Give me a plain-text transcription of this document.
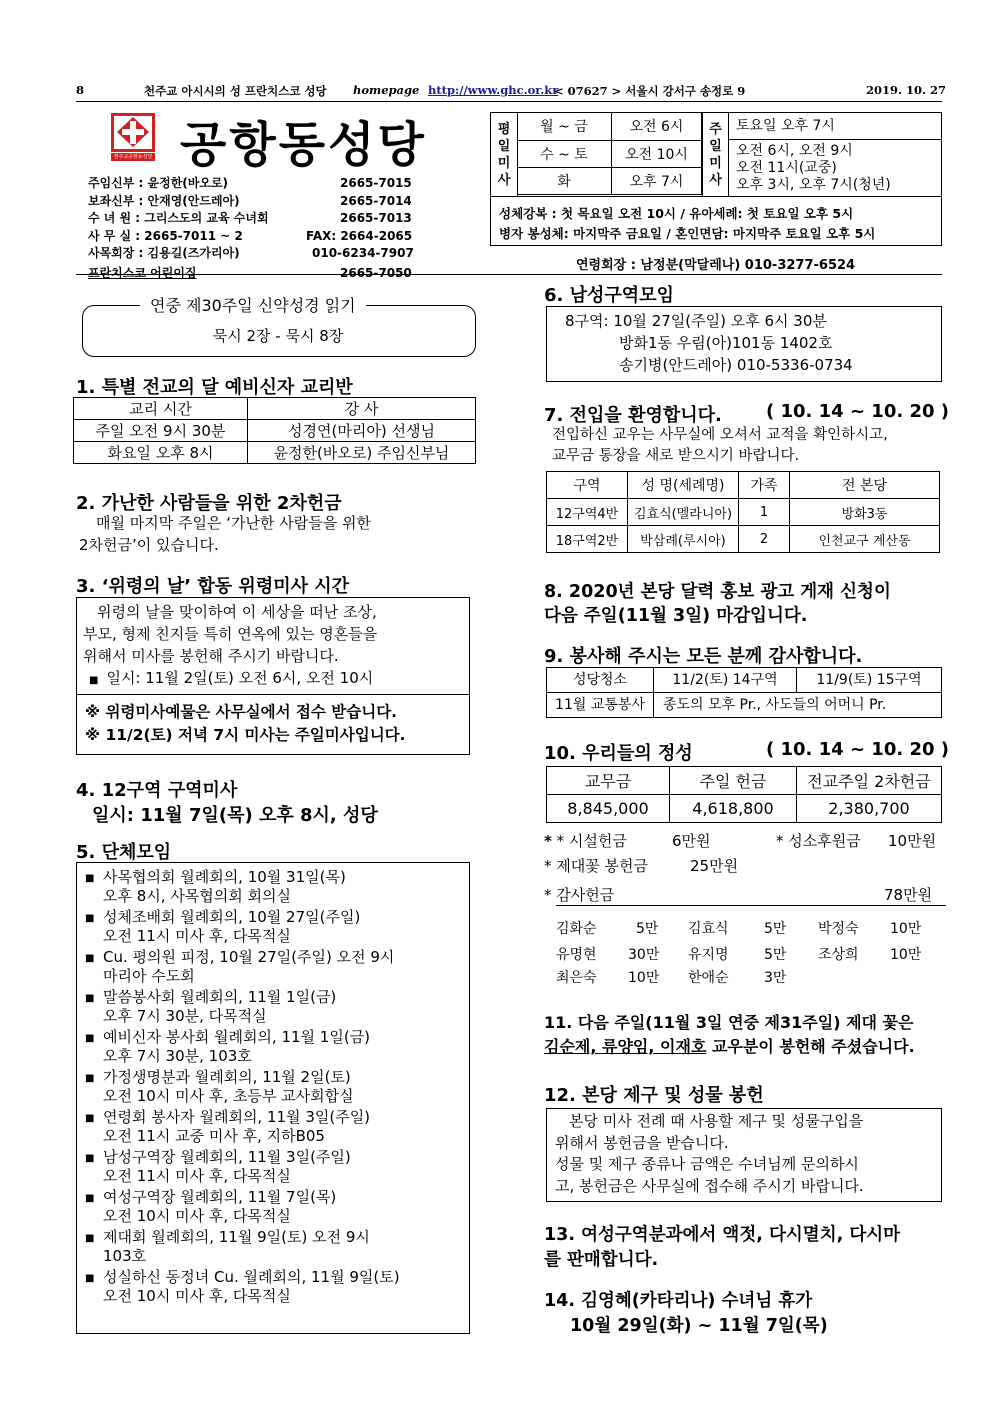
8	천주교 아시시의 성 프란치스코 성당 homepage http://www.ghc.or.kr
< 07627 > 서울시 강서구 송정로 9	2019. 10. 27
천주교공항동성당 공항동성당
주임신부 : 윤정한(바오로)	2665-7015
보좌신부 : 안재영(안드레아)	2665-7014
수 녀 원 : 그리스도의 교육 수녀회	2665-7013
사 무 실 : 2665-7011 ~ 2	FAX: 2664-2065
사목회장 : 김용길(즈가리아)	010-6234-7907
프란치스코 어린이집	2665-7050
평
일
미
사
월 ~ 금	오전 6시
수 ~ 토	오전 10시
화	오후 7시
주
일
미
사
토요일 오후 7시
오전 6시, 오전 9시
오전 11시(교중)
오후 3시, 오후 7시(청년)
성체강복 : 첫 목요일 오전 10시 / 유아세례: 첫 토요일 오후 5시
병자 봉성체: 마지막주 금요일 / 혼인면담: 마지막주 토요일 오후 5시
연령회장 : 남정분(막달레나) 010-3277-6524
연중 제30주일 신약성경 읽기
묵시 2장 - 묵시 8장
1. 특별 전교의 달 예비신자 교리반
교리 시간	강 사
주일 오전 9시 30분	성경연(마리아) 선생님
화요일 오후 8시	윤정한(바오로) 주임신부님
2. 가난한 사람들을 위한 2차헌금
매월 마지막 주일은 ‘가난한 사람들을 위한
2차헌금’이 있습니다.
3. ‘위령의 날’ 합동 위령미사 시간
위령의 날을 맞이하여 이 세상을 떠난 조상,
부모, 형제 친지들 특히 연옥에 있는 영혼들을
위해서 미사를 봉헌해 주시기 바랍니다.
■ 일시: 11월 2일(토) 오전 6시, 오전 10시
※ 위령미사예물은 사무실에서 접수 받습니다.
※ 11/2(토) 저녁 7시 미사는 주일미사입니다.
4. 12구역 구역미사
일시: 11월 7일(목) 오후 8시, 성당
5. 단체모임
■ 사목협의회 월례회의, 10월 31일(목)
오후 8시, 사목협의회 회의실
■ 성체조배회 월례회의, 10월 27일(주일)
오전 11시 미사 후, 다목적실
■ Cu. 평의원 피정, 10월 27일(주일) 오전 9시
마리아 수도회
■ 말씀봉사회 월례회의, 11월 1일(금)
오후 7시 30분, 다목적실
■ 예비신자 봉사회 월례회의, 11월 1일(금)
오후 7시 30분, 103호
■ 가정생명분과 월례회의, 11월 2일(토)
오전 10시 미사 후, 초등부 교사회합실
■ 연령회 봉사자 월례회의, 11월 3일(주일)
오전 11시 교중 미사 후, 지하B05
■ 남성구역장 월례회의, 11월 3일(주일)
오전 11시 미사 후, 다목적실
■ 여성구역장 월례회의, 11월 7일(목)
오전 10시 미사 후, 다목적실
■ 제대회 월례회의, 11월 9일(토) 오전 9시
103호
■ 성실하신 동정녀 Cu. 월례회의, 11월 9일(토)
오전 10시 미사 후, 다목적실
6. 남성구역모임
8구역: 10월 27일(주일) 오후 6시 30분
방화1동 우림(아)101동 1402호
송기병(안드레아) 010-5336-0734
7. 전입을 환영합니다. ( 10. 14 ~ 10. 20 )
전입하신 교우는 사무실에 오셔서 교적을 확인하시고,
교무금 통장을 새로 받으시기 바랍니다.
구역	성 명(세례명)	가족	전 본당
12구역4반	김효식(멜라니아)	1	방화3동
18구역2반	박삼례(루시아)	2	인천교구 계산동
8. 2020년 본당 달력 홍보 광고 게재 신청이
다음 주일(11월 3일) 마감입니다.
9. 봉사해 주시는 모든 분께 감사합니다.
성당청소	11/2(토) 14구역	11/9(토) 15구역
11월 교통봉사	종도의 모후 Pr., 사도들의 어머니 Pr.
10. 우리들의 정성	( 10. 14 ~ 10. 20 )
교무금	주일 헌금	전교주일 2차헌금
8,845,000	4,618,800	2,380,700
* * 시설헌금	6만원	* 성소후원금 10만원
* 제대꽃 봉헌금	25만원
* 감사헌금	78만원
김화순	5만 김효식	5만 박정숙 10만
유명현 30만 유지명	5만 조상희 10만
최은숙 10만 한애순	3만
11. 다음 주일(11월 3일 연중 제31주일) 제대 꽃은
김순제, 류양임, 이재호 교우분이 봉헌해 주셨습니다.
12. 본당 제구 및 성물 봉헌
본당 미사 전례 때 사용할 제구 및 성물구입을
위해서 봉헌금을 받습니다.
성물 및 제구 종류나 금액은 수녀님께 문의하시
고, 봉헌금은 사무실에 접수해 주시기 바랍니다.
13. 여성구역분과에서 액젓, 다시멸치, 다시마
를 판매합니다.
14. 김영혜(카타리나) 수녀님 휴가
10월 29일(화) ~ 11월 7일(목)
